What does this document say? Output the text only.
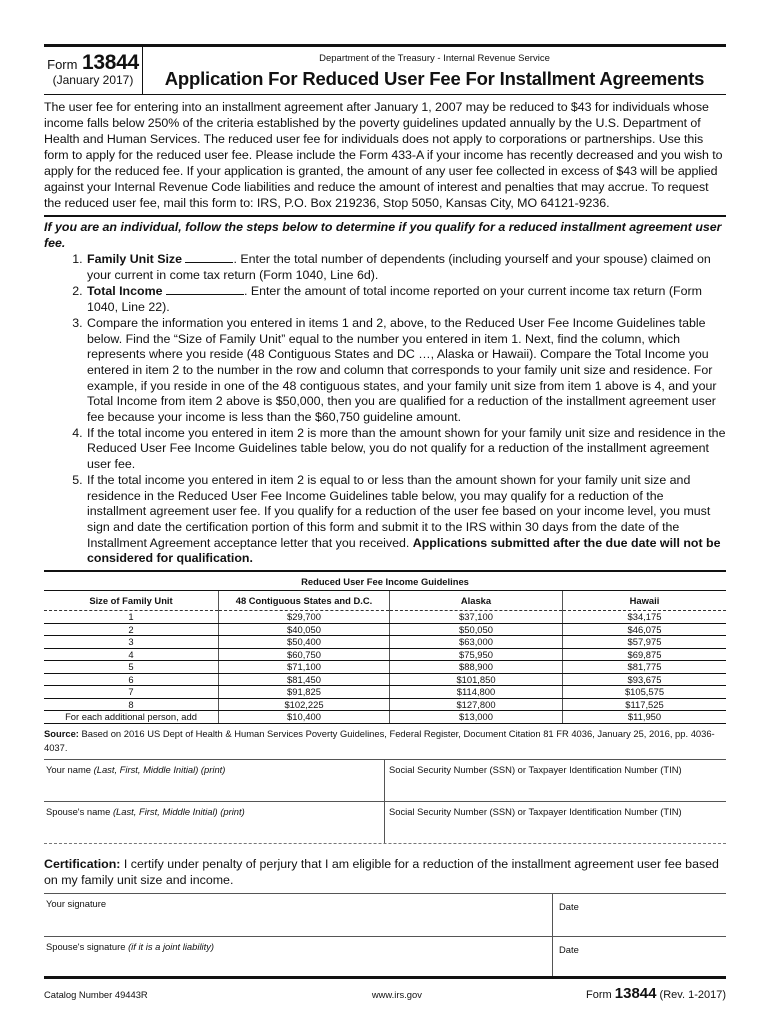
Form 13844
(January 2017)
Department of the Treasury - Internal Revenue Service
Application For Reduced User Fee For Installment Agreements
The user fee for entering into an installment agreement after January 1, 2007 may be reduced to $43 for individuals whose income falls below 250% of the criteria established by the poverty guidelines updated annually by the U.S. Department of Health and Human Services. The reduced user fee for individuals does not apply to corporations or partnerships. Use this form to apply for the reduced user fee. Please include the Form 433-A if your income has recently decreased and you wish to apply for the reduced fee. If your application is granted, the amount of any user fee collected in excess of $43 will be applied against your Internal Revenue Code liabilities and reduce the amount of interest and penalties that may accrue. To request the reduced user fee, mail this form to: IRS, P.O. Box 219236, Stop 5050, Kansas City, MO 64121-9236.
If you are an individual, follow the steps below to determine if you qualify for a reduced installment agreement user fee.
1. Family Unit Size	. Enter the total number of dependents (including yourself and your spouse) claimed on your current in come tax return (Form 1040, Line 6d).
2. Total Income	. Enter the amount of total income reported on your current income tax return (Form 1040, Line 22).
3. Compare the information you entered in items 1 and 2, above, to the Reduced User Fee Income Guidelines table below. Find the “Size of Family Unit” equal to the number you entered in item 1. Next, find the column, which represents where you reside (48 Contiguous States and DC …, Alaska or Hawaii). Compare the Total Income you entered in item 2 to the number in the row and column that corresponds to your family unit size and residence. For example, if you reside in one of the 48 contiguous states, and your family unit size from item 1 above is 4, and your Total Income from item 2 above is $50,000, then you are qualified for a reduction of the installment agreement user fee because your income is less than the $60,750 guideline amount.
4. If the total income you entered in item 2 is more than the amount shown for your family unit size and residence in the Reduced User Fee Income Guidelines table below, you do not qualify for a reduction of the installment agreement user fee.
5. If the total income you entered in item 2 is equal to or less than the amount shown for your family unit size and residence in the Reduced User Fee Income Guidelines table below, you may qualify for a reduction of the installment agreement user fee. If you qualify for a reduction of the user fee based on your income level, you must sign and date the certification portion of this form and submit it to the IRS within 30 days from the date of the Installment Agreement acceptance letter that you received. Applications submitted after the due date will not be considered for qualification.
Reduced User Fee Income Guidelines
Size of Family Unit	48 Contiguous States and D.C.	Alaska	Hawaii
1	$29,700	$37,100	$34,175
2	$40,050	$50,050	$46,075
3	$50,400	$63,000	$57,975
4	$60,750	$75,950	$69,875
5	$71,100	$88,900	$81,775
6	$81,450	$101,850	$93,675
7	$91,825	$114,800	$105,575
8	$102,225	$127,800	$117,525
For each additional person, add	$10,400	$13,000	$11,950
Source: Based on 2016 US Dept of Health & Human Services Poverty Guidelines, Federal Register, Document Citation 81 FR 4036, January 25, 2016, pp. 4036-4037.
Your name (Last, First, Middle Initial) (print)	Social Security Number (SSN) or Taxpayer Identification Number (TIN)
Spouse's name (Last, First, Middle Initial) (print)	Social Security Number (SSN) or Taxpayer Identification Number (TIN)
Certification: I certify under penalty of perjury that I am eligible for a reduction of the installment agreement user fee based on my family unit size and income.
Your signature	Date
Spouse's signature (if it is a joint liability)	Date
Catalog Number 49443R	www.irs.gov	Form 13844 (Rev. 1-2017)
